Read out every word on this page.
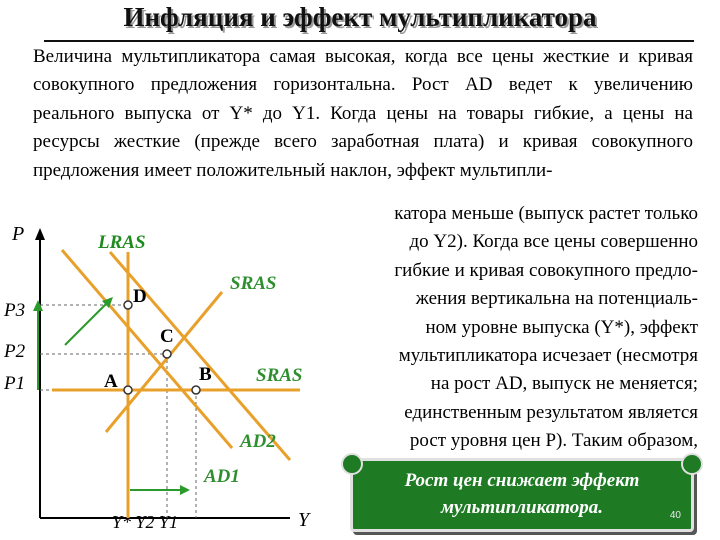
Инфляция и эффект мультипликатора

Величина мультипликатора самая высокая, когда все цены жесткие и кривая совокупного предложения горизонтальна. Рост AD ведет к увеличению реального выпуска от Y* до Y1. Когда цены на товары гибкие, а цены на ресурсы жесткие (прежде всего заработная плата) и кривая совокупного предложения имеет положительный наклон, эффект мультипли-

катора меньше (выпуск растет только
до Y2). Когда все цены совершенно
гибкие и кривая совокупного предло-
жения вертикальна на потенциаль-
ном уровне выпуска (Y*), эффект
мультипликатора исчезает (несмотря
на рост AD, выпуск не меняется;
единственным результатом является
рост уровня цен P). Таким образом,
P
Y
P3
P2
P1
Y* Y2 Y1
LRAS
SRAS
SRAS
AD2
AD1
D
C
B
A
Рост цен снижает эффект
мультипликатора.	40
